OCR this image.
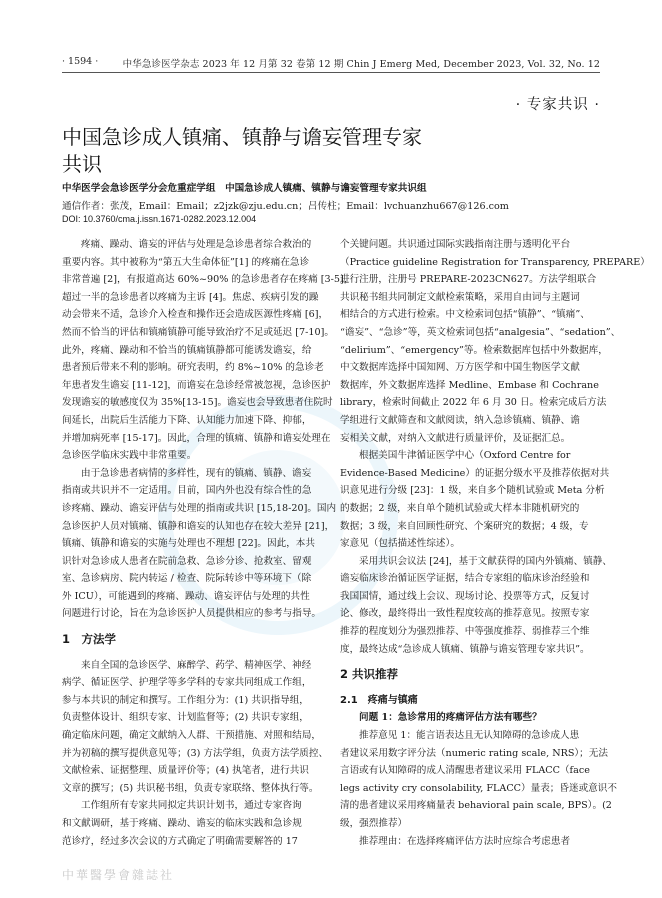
· 1594 ·	中华急诊医学杂志 2023 年 12 月第 32 卷第 12 期 Chin J Emerg Med, December 2023, Vol. 32, No. 12
· 专家共识 ·
中国急诊成人镇痛、镇静与谵妄管理专家
共识
中华医学会急诊医学分会危重症学组　中国急诊成人镇痛、镇静与谵妄管理专家共识组
通信作者：张茂，Email：Email；z2jzk@zju.edu.cn；吕传柱；Email：lvchuanzhu667@126.com
DOI: 10.3760/cma.j.issn.1671-0282.2023.12.004
疼痛、躁动、谵妄的评估与处理是急诊患者综合救治的
重要内容。其中被称为“第五大生命体征”[1] 的疼痛在急诊
非常普遍 [2]，有报道高达 60%~90% 的急诊患者存在疼痛 [3-5]，
超过一半的急诊患者以疼痛为主诉 [4]。焦虑、疾病引发的躁
动会带来不适，急诊介入检查和操作还会造成医源性疼痛 [6]，
然而不恰当的评估和镇痛镇静可能导致治疗不足或延迟 [7-10]。
此外，疼痛、躁动和不恰当的镇痛镇静都可能诱发谵妄，给
患者预后带来不利的影响。研究表明，约 8%~10% 的急诊老
年患者发生谵妄 [11-12]，而谵妄在急诊经常被忽视，急诊医护
发现谵妄的敏感度仅为 35%[13-15]。谵妄也会导致患者住院时
间延长，出院后生活能力下降、认知能力加速下降、抑郁，
并增加病死率 [15-17]。因此，合理的镇痛、镇静和谵妄处理在
急诊医学临床实践中非常重要。
由于急诊患者病情的多样性，现有的镇痛、镇静、谵妄
指南或共识并不一定适用。目前，国内外也没有综合性的急
诊疼痛、躁动、谵妄评估与处理的指南或共识 [15,18-20]。国内
急诊医护人员对镇痛、镇静和谵妄的认知也存在较大差异 [21]，
镇痛、镇静和谵妄的实施与处理也不理想 [22]。因此，本共
识针对急诊成人患者在院前急救、急诊分诊、抢救室、留观
室、急诊病房、院内转运 / 检查、院际转诊中等环境下（除
外 ICU），可能遇到的疼痛、躁动、谵妄评估与处理的共性
问题进行讨论，旨在为急诊医护人员提供相应的参考与指导。
1　方法学
来自全国的急诊医学、麻醉学、药学、精神医学、神经
病学、循证医学、护理学等多学科的专家共同组成工作组，
参与本共识的制定和撰写。工作组分为：(1) 共识指导组，
负责整体设计、组织专家、计划监督等；(2) 共识专家组，
确定临床问题，确定文献纳入人群、干预措施、对照和结局，
并为初稿的撰写提供意见等；(3) 方法学组，负责方法学质控、
文献检索、证据整理、质量评价等；(4) 执笔者，进行共识
文章的撰写；(5) 共识秘书组，负责专家联络、整体执行等。
工作组所有专家共同拟定共识计划书，通过专家咨询
和文献调研，基于疼痛、躁动、谵妄的临床实践和急诊规
范诊疗，经过多次会议的方式确定了明确需要解答的 17
个关键问题。共识通过国际实践指南注册与透明化平台
（Practice guideline Registration for Transparency, PREPARE）
进行注册，注册号 PREPARE-2023CN627。方法学组联合
共识秘书组共同制定文献检索策略，采用自由词与主题词
相结合的方式进行检索。中文检索词包括“镇静”、“镇痛”、
“谵妄”、“急诊”等，英文检索词包括“analgesia”、“sedation”、
“delirium”、“emergency”等。检索数据库包括中外数据库，
中文数据库选择中国知网、万方医学和中国生物医学文献
数据库，外文数据库选择 Medline、Embase 和 Cochrane
library，检索时间截止 2022 年 6 月 30 日。检索完成后方法
学组进行文献筛查和文献阅读，纳入急诊镇痛、镇静、谵
妄相关文献，对纳入文献进行质量评价，及证据汇总。
根据美国牛津循证医学中心（Oxford Centre for
Evidence-Based Medicine）的证据分级水平及推荐依据对共
识意见进行分级 [23]：1 级，来自多个随机试验或 Meta 分析
的数据；2 级，来自单个随机试验或大样本非随机研究的
数据；3 级，来自回顾性研究、个案研究的数据；4 级，专
家意见（包括描述性综述）。
采用共识会议法 [24]，基于文献获得的国内外镇痛、镇静、
谵妄临床诊治循证医学证据，结合专家组的临床诊治经验和
我国国情，通过线上会议、现场讨论、投票等方式，反复讨
论、修改，最终得出一致性程度较高的推荐意见。按照专家
推荐的程度划分为强烈推荐、中等强度推荐、弱推荐三个维
度，最终达成“急诊成人镇痛、镇静与谵妄管理专家共识”。
2 共识推荐
2.1　疼痛与镇痛
问题 1：急诊常用的疼痛评估方法有哪些？
推荐意见 1：能言语表达且无认知障碍的急诊成人患
者建议采用数字评分法（numeric rating scale, NRS）；无法
言语或有认知障碍的成人清醒患者建议采用 FLACC（face
legs activity cry consolability, FLACC）量表；昏迷或意识不
清的患者建议采用疼痛量表 behavioral pain scale, BPS）。(2
级，强烈推荐）
推荐理由：在选择疼痛评估方法时应综合考虑患者
中華醫學會雜誌社
